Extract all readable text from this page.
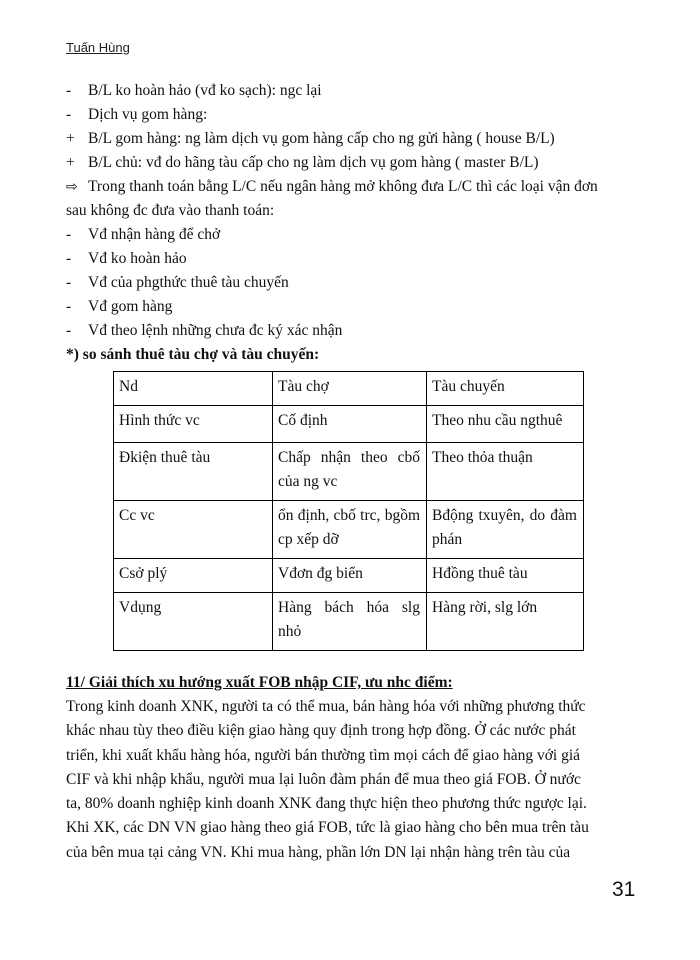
Tuấn Hùng
-	B/L ko hoàn hảo (vđ ko sạch): ngc lại
-	Dịch vụ gom hàng:
+ B/L gom hàng: ng làm dịch vụ gom hàng cấp cho ng gửi hàng ( house B/L)
+ B/L chủ: vđ do hãng tàu cấp cho ng làm dịch vụ gom hàng ( master B/L)
⇨ Trong thanh toán bằng L/C nếu ngân hàng mở không đưa L/C thì các loại vận đơn
sau không đc đưa vào thanh toán:
-	Vđ nhận hàng để chở
-	Vđ ko hoàn hảo
-	Vđ của phgthức thuê tàu chuyến
-	Vđ gom hàng
-	Vđ theo lệnh những chưa đc ký xác nhận
*) so sánh thuê tàu chợ và tàu chuyến:
Nd	Tàu chợ	Tàu chuyến
Hình thức vc	Cố định	Theo nhu cầu ngthuê
Đkiện thuê tàu	Chấp nhận theo cbố của ng vc	Theo thỏa thuận
Cc vc	ổn định, cbố trc, bgồm cp xếp dỡ	Bđộng txuyên, do đàm phán
Csở plý	Vđơn đg biển	Hđồng thuê tàu
Vdụng	Hàng bách hóa slg nhỏ	Hàng rời, slg lớn
11/ Giải thích xu hướng xuất FOB nhập CIF, ưu nhc điểm:
Trong kinh doanh XNK, người ta có thể mua, bán hàng hóa với những phương thức
khác nhau tùy theo điều kiện giao hàng quy định trong hợp đồng. Ở các nước phát
triển, khi xuất khẩu hàng hóa, người bán thường tìm mọi cách để giao hàng với giá
CIF và khi nhập khẩu, người mua lại luôn đàm phán để mua theo giá FOB. Ở nước
ta, 80% doanh nghiệp kinh doanh XNK đang thực hiện theo phương thức ngược lại.
Khi XK, các DN VN giao hàng theo giá FOB, tức là giao hàng cho bên mua trên tàu
của bên mua tại cảng VN. Khi mua hàng, phần lớn DN lại nhận hàng trên tàu của
31
